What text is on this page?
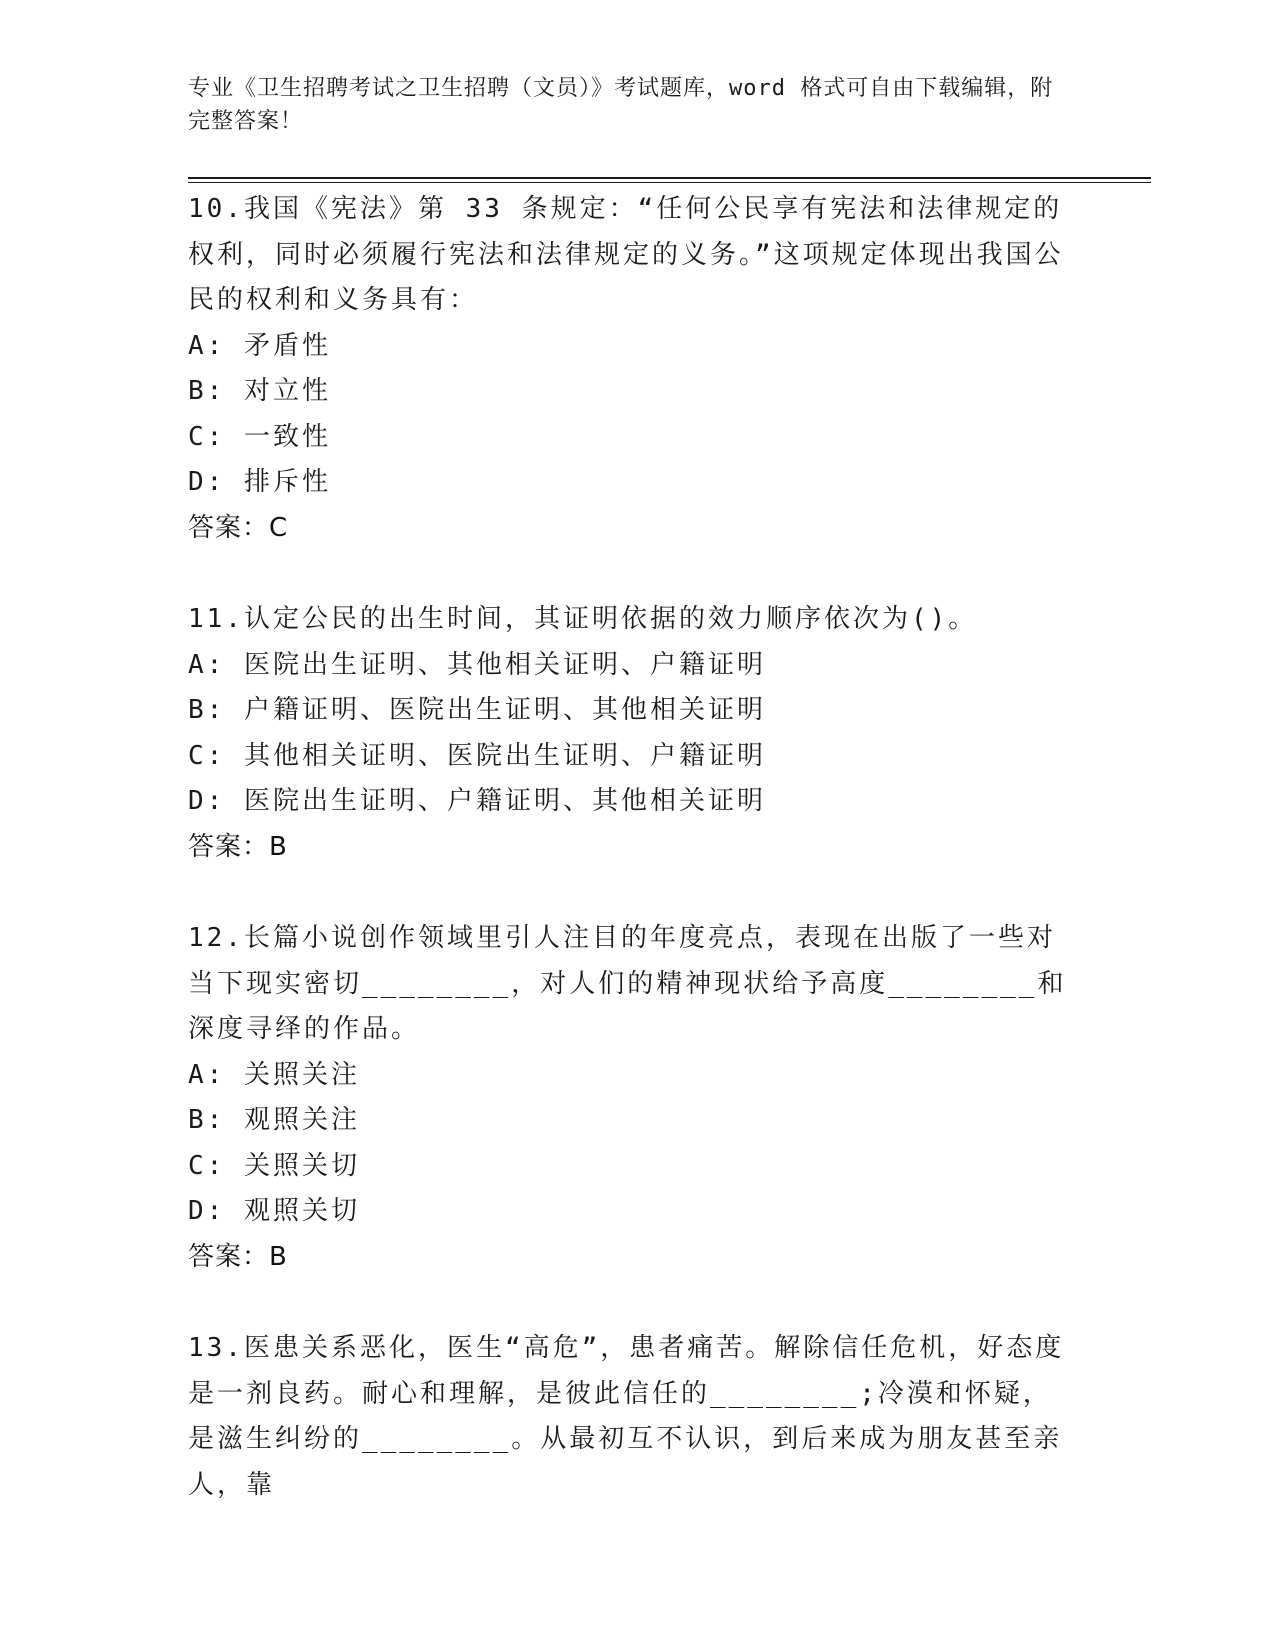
专业《卫生招聘考试之卫生招聘（文员）》考试题库，word 格式可自由下载编辑，附完整答案！
10.我国《宪法》第 33 条规定：“任何公民享有宪法和法律规定的权利，同时必须履行宪法和法律规定的义务。”这项规定体现出我国公民的权利和义务具有：
A: 矛盾性
B: 对立性
C: 一致性
D: 排斥性
答案：C
11.认定公民的出生时间，其证明依据的效力顺序依次为()。
A: 医院出生证明、其他相关证明、户籍证明
B: 户籍证明、医院出生证明、其他相关证明
C: 其他相关证明、医院出生证明、户籍证明
D: 医院出生证明、户籍证明、其他相关证明
答案：B
12.长篇小说创作领域里引人注目的年度亮点，表现在出版了一些对当下现实密切________，对人们的精神现状给予高度________和深度寻绎的作品。
A: 关照关注
B: 观照关注
C: 关照关切
D: 观照关切
答案：B
13.医患关系恶化，医生“高危”，患者痛苦。解除信任危机，好态度是一剂良药。耐心和理解，是彼此信任的________;冷漠和怀疑，是滋生纠纷的________。从最初互不认识，到后来成为朋友甚至亲人，靠
